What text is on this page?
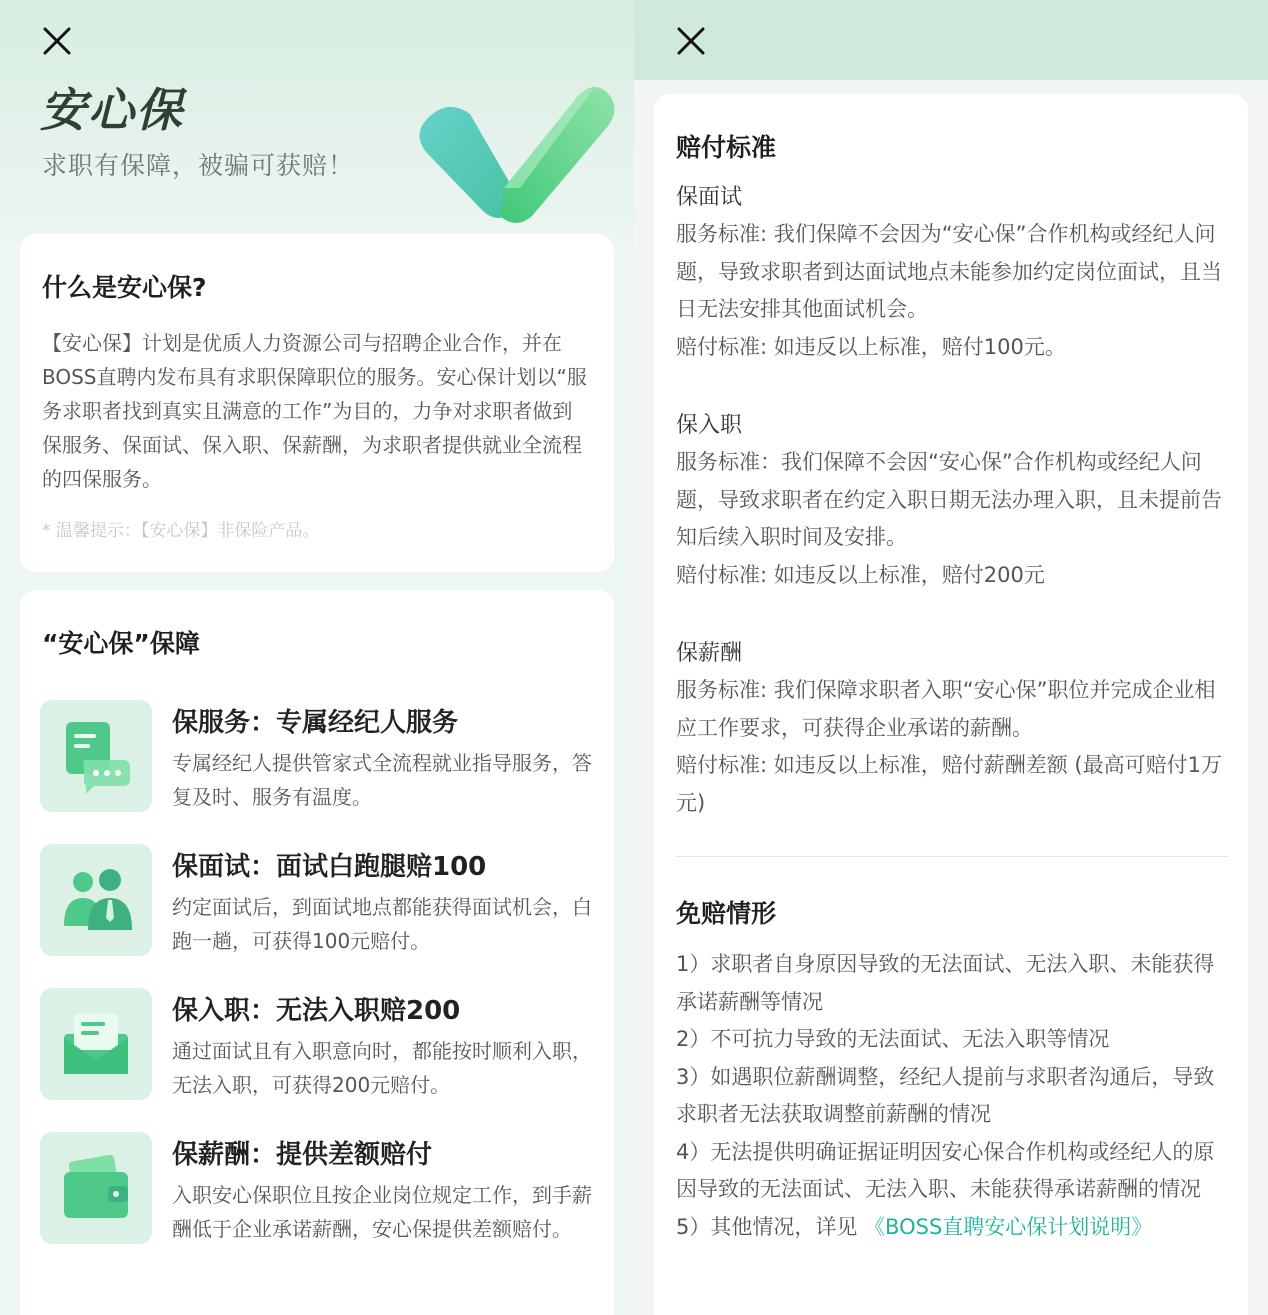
安心保
求职有保障，被骗可获赔！
什么是安心保?
【安心保】计划是优质人力资源公司与招聘企业合作，并在BOSS直聘内发布具有求职保障职位的服务。安心保计划以“服务求职者找到真实且满意的工作”为目的，力争对求职者做到保服务、保面试、保入职、保薪酬，为求职者提供就业全流程的四保服务。
* 温馨提示：【安心保】非保险产品。
“安心保”保障
保服务：专属经纪人服务
专属经纪人提供管家式全流程就业指导服务，答复及时、服务有温度。
保面试：面试白跑腿赔100
约定面试后，到面试地点都能获得面试机会，白跑一趟，可获得100元赔付。
保入职：无法入职赔200
通过面试且有入职意向时，都能按时顺利入职，无法入职，可获得200元赔付。
保薪酬：提供差额赔付
入职安心保职位且按企业岗位规定工作，到手薪酬低于企业承诺薪酬，安心保提供差额赔付。
赔付标准
保面试
服务标准: 我们保障不会因为“安心保”合作机构或经纪人问题，导致求职者到达面试地点未能参加约定岗位面试，且当日无法安排其他面试机会。
赔付标准: 如违反以上标准，赔付100元。
保入职
服务标准：我们保障不会因“安心保”合作机构或经纪人问题，导致求职者在约定入职日期无法办理入职，且未提前告知后续入职时间及安排。
赔付标准: 如违反以上标准，赔付200元
保薪酬
服务标准: 我们保障求职者入职“安心保”职位并完成企业相应工作要求，可获得企业承诺的薪酬。
赔付标准: 如违反以上标准，赔付薪酬差额 (最高可赔付1万元)
免赔情形
1）求职者自身原因导致的无法面试、无法入职、未能获得承诺薪酬等情况
2）不可抗力导致的无法面试、无法入职等情况
3）如遇职位薪酬调整，经纪人提前与求职者沟通后，导致求职者无法获取调整前薪酬的情况
4）无法提供明确证据证明因安心保合作机构或经纪人的原因导致的无法面试、无法入职、未能获得承诺薪酬的情况
5）其他情况，详见 《BOSS直聘安心保计划说明》
